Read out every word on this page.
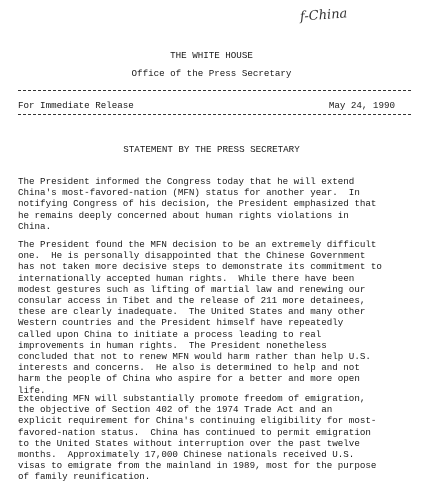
f-China
THE WHITE HOUSE
Office of the Press Secretary
For Immediate Release	May 24, 1990
STATEMENT BY THE PRESS SECRETARY
The President informed the Congress today that he will extend
China's most-favored-nation (MFN) status for another year.  In
notifying Congress of his decision, the President emphasized that
he remains deeply concerned about human rights violations in
China.
The President found the MFN decision to be an extremely difficult
one.  He is personally disappointed that the Chinese Government
has not taken more decisive steps to demonstrate its commitment to
internationally accepted human rights.  While there have been
modest gestures such as lifting of martial law and renewing our
consular access in Tibet and the release of 211 more detainees,
these are clearly inadequate.  The United States and many other
Western countries and the President himself have repeatedly
called upon China to initiate a process leading to real
improvements in human rights.  The President nonetheless
concluded that not to renew MFN would harm rather than help U.S.
interests and concerns.  He also is determined to help and not
harm the people of China who aspire for a better and more open
life.
Extending MFN will substantially promote freedom of emigration,
the objective of Section 402 of the 1974 Trade Act and an
explicit requirement for China's continuing eligibility for most-
favored-nation status.  China has continued to permit emigration
to the United States without interruption over the past twelve
months.  Approximately 17,000 Chinese nationals received U.S.
visas to emigrate from the mainland in 1989, most for the purpose
of family reunification.
